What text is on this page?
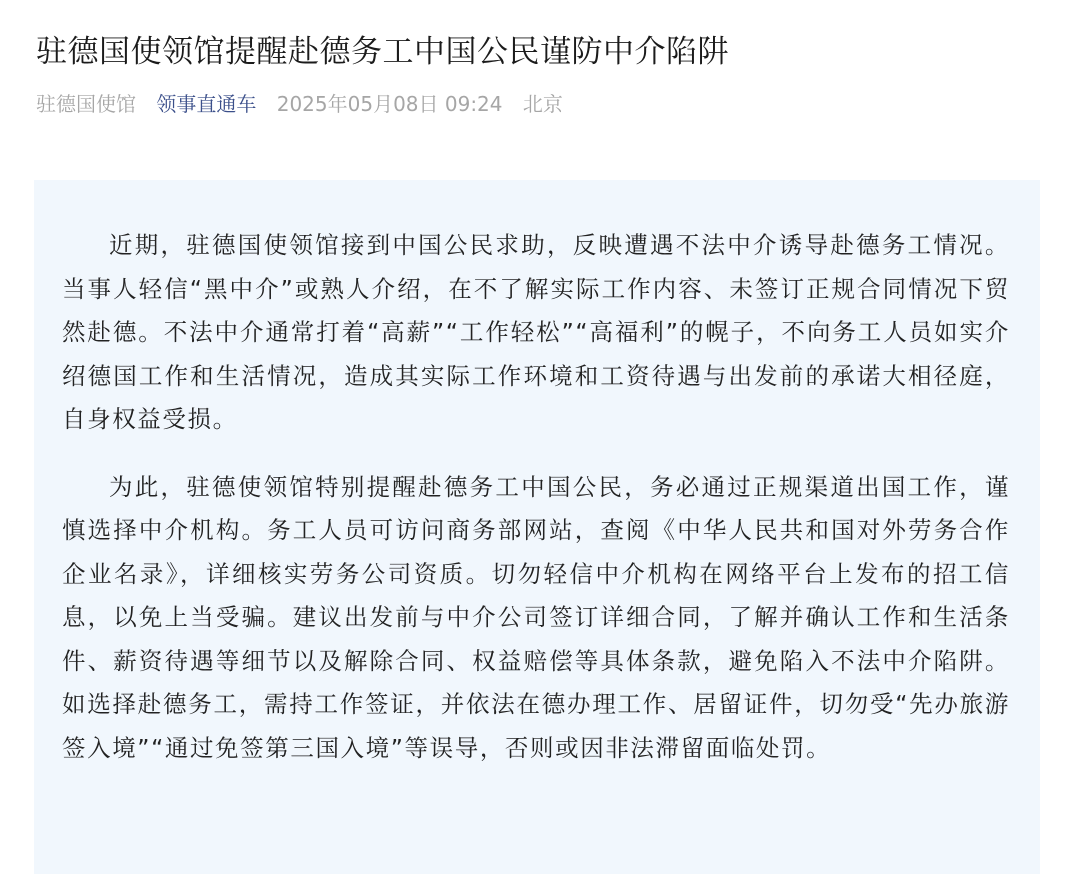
驻德国使领馆提醒赴德务工中国公民谨防中介陷阱
驻德国使馆 领事直通车 2025年05月08日 09:24 北京

近期，驻德国使领馆接到中国公民求助，反映遭遇不法中介诱导赴德务工情况。当事人轻信“黑中介”或熟人介绍，在不了解实际工作内容、未签订正规合同情况下贸然赴德。不法中介通常打着“高薪”“工作轻松”“高福利”的幌子，不向务工人员如实介绍德国工作和生活情况，造成其实际工作环境和工资待遇与出发前的承诺大相径庭，自身权益受损。

为此，驻德使领馆特别提醒赴德务工中国公民，务必通过正规渠道出国工作，谨慎选择中介机构。务工人员可访问商务部网站，查阅《中华人民共和国对外劳务合作企业名录》，详细核实劳务公司资质。切勿轻信中介机构在网络平台上发布的招工信息，以免上当受骗。建议出发前与中介公司签订详细合同，了解并确认工作和生活条件、薪资待遇等细节以及解除合同、权益赔偿等具体条款，避免陷入不法中介陷阱。如选择赴德务工，需持工作签证，并依法在德办理工作、居留证件，切勿受“先办旅游签入境”“通过免签第三国入境”等误导，否则或因非法滞留面临处罚。
